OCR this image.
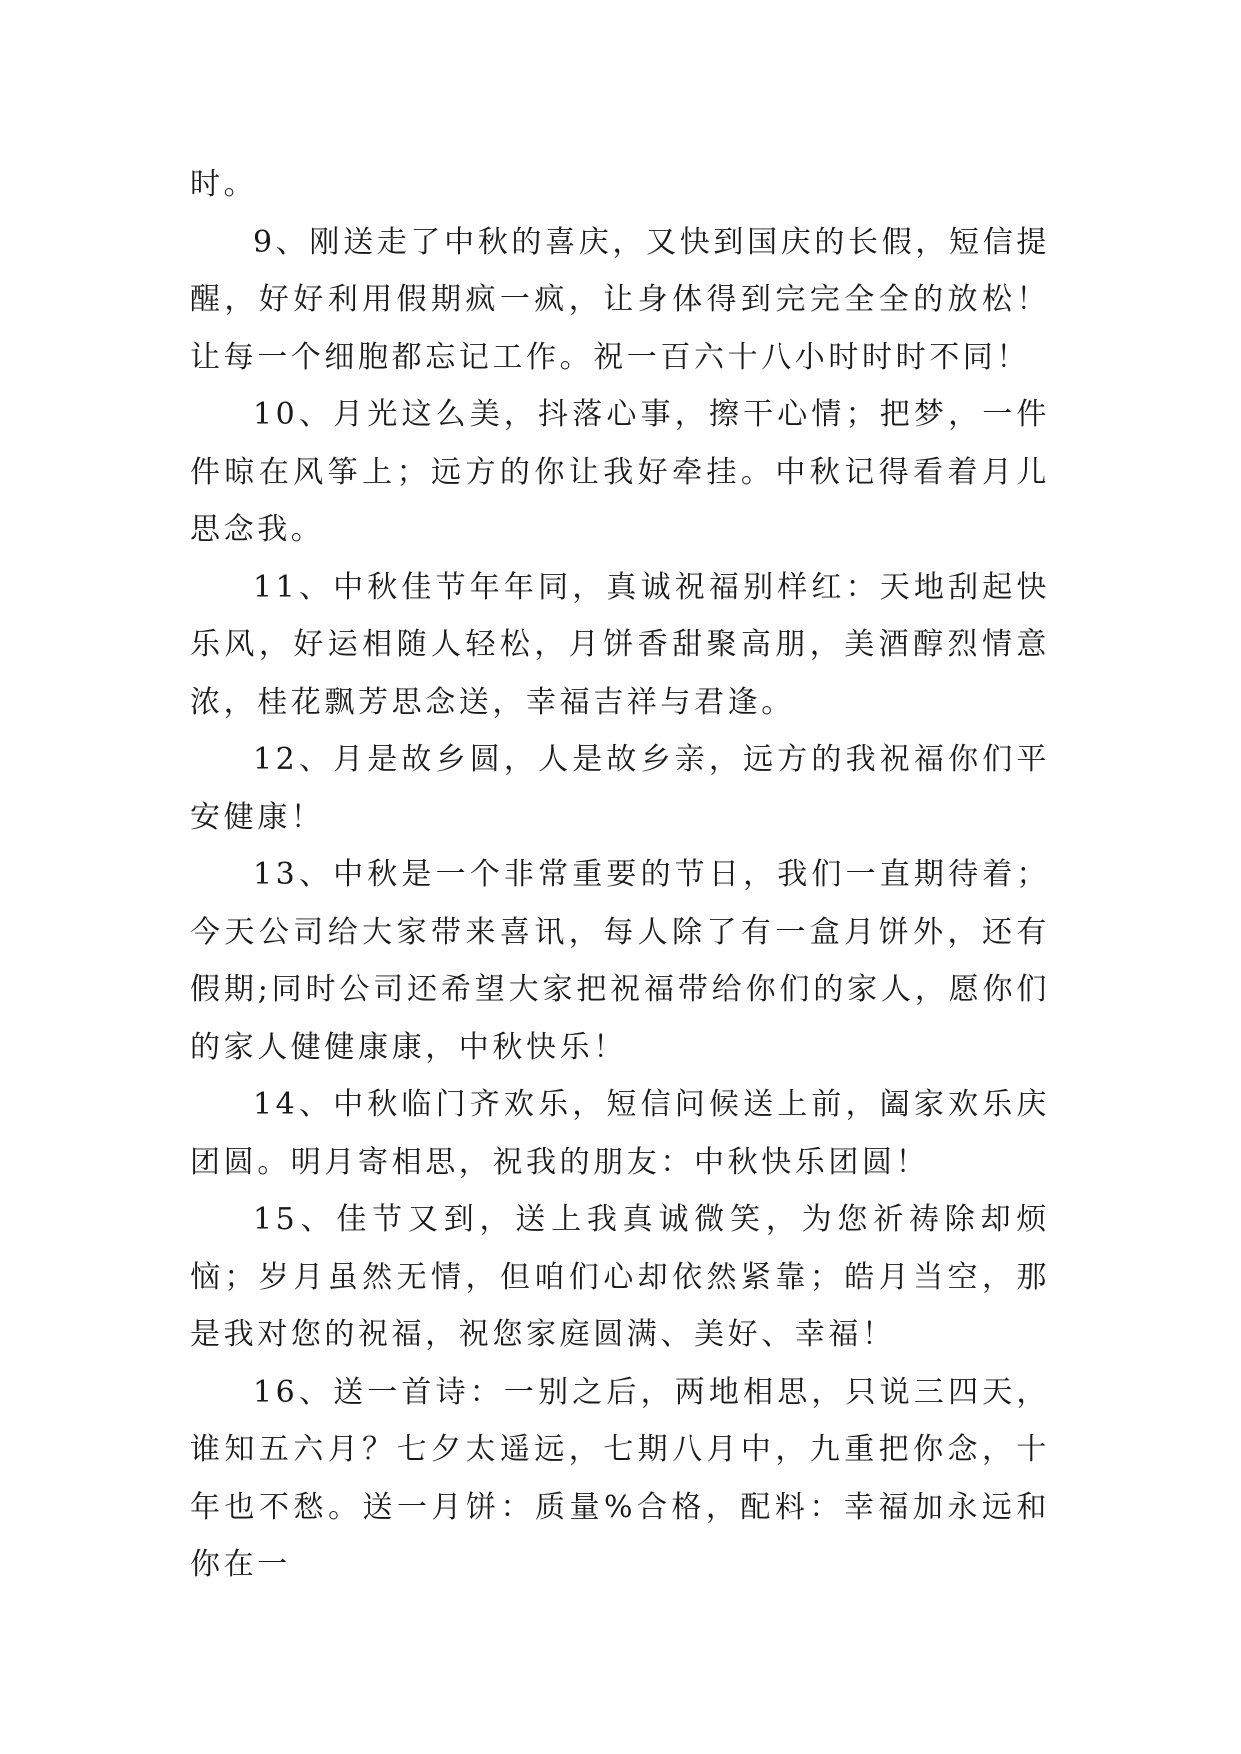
时。

9、刚送走了中秋的喜庆，又快到国庆的长假，短信提醒，好好利用假期疯一疯，让身体得到完完全全的放松！让每一个细胞都忘记工作。祝一百六十八小时时时不同！

10、月光这么美，抖落心事，擦干心情；把梦，一件件晾在风筝上；远方的你让我好牵挂。中秋记得看着月儿思念我。

11、中秋佳节年年同，真诚祝福别样红：天地刮起快乐风，好运相随人轻松，月饼香甜聚高朋，美酒醇烈情意浓，桂花飘芳思念送，幸福吉祥与君逢。

12、月是故乡圆，人是故乡亲，远方的我祝福你们平安健康！

13、中秋是一个非常重要的节日，我们一直期待着；今天公司给大家带来喜讯，每人除了有一盒月饼外，还有假期;同时公司还希望大家把祝福带给你们的家人，愿你们的家人健健康康，中秋快乐！

14、中秋临门齐欢乐，短信问候送上前，阖家欢乐庆团圆。明月寄相思，祝我的朋友：中秋快乐团圆！

15、佳节又到，送上我真诚微笑，为您祈祷除却烦恼；岁月虽然无情，但咱们心却依然紧靠；皓月当空，那是我对您的祝福，祝您家庭圆满、美好、幸福！

16、送一首诗：一别之后，两地相思，只说三四天，谁知五六月？七夕太遥远，七期八月中，九重把你念，十年也不愁。送一月饼：质量%合格，配料：幸福加永远和你在一
